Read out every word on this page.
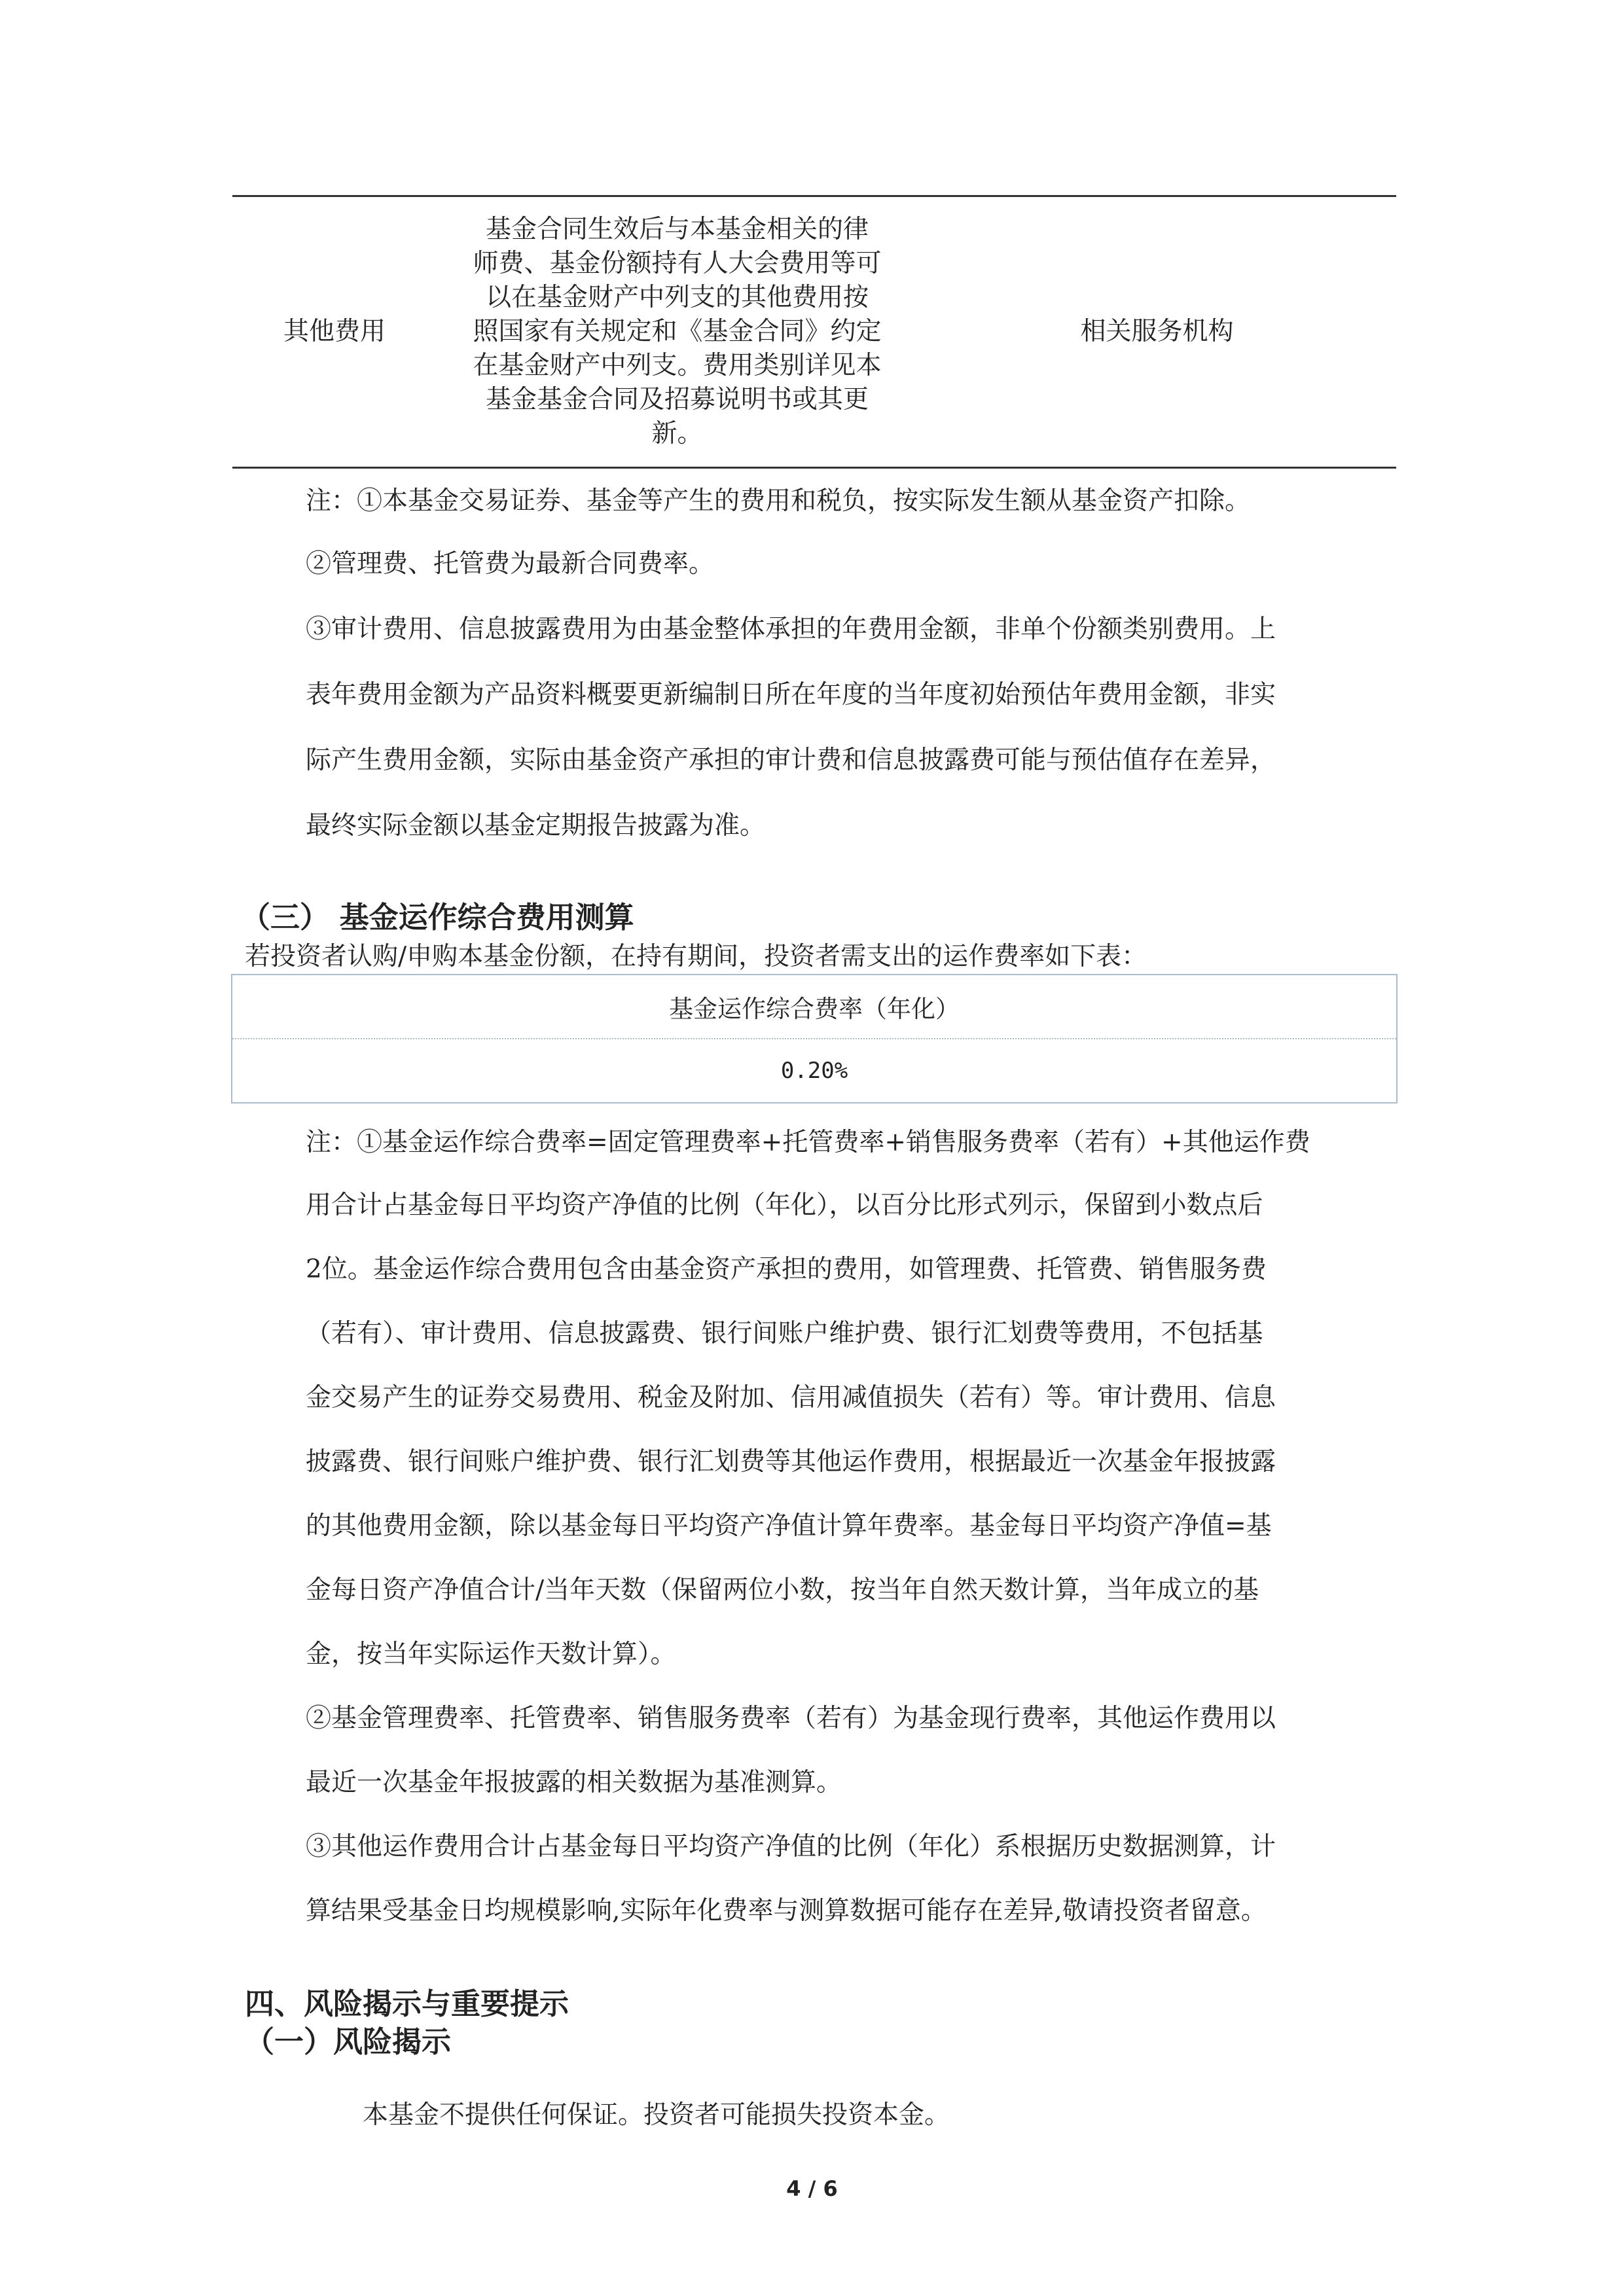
其他费用
基金合同生效后与本基金相关的律
师费、基金份额持有人大会费用等可
以在基金财产中列支的其他费用按
照国家有关规定和《基金合同》约定
在基金财产中列支。费用类别详见本
基金基金合同及招募说明书或其更
新。
相关服务机构
注：①本基金交易证券、基金等产生的费用和税负，按实际发生额从基金资产扣除。
②管理费、托管费为最新合同费率。
③审计费用、信息披露费用为由基金整体承担的年费用金额，非单个份额类别费用。上
表年费用金额为产品资料概要更新编制日所在年度的当年度初始预估年费用金额，非实
际产生费用金额，实际由基金资产承担的审计费和信息披露费可能与预估值存在差异，
最终实际金额以基金定期报告披露为准。
（三） 基金运作综合费用测算
若投资者认购/申购本基金份额，在持有期间，投资者需支出的运作费率如下表：
基金运作综合费率（年化）
0.20%
注：①基金运作综合费率=固定管理费率+托管费率+销售服务费率（若有）+其他运作费
用合计占基金每日平均资产净值的比例（年化），以百分比形式列示，保留到小数点后
2位。基金运作综合费用包含由基金资产承担的费用，如管理费、托管费、销售服务费
（若有）、审计费用、信息披露费、银行间账户维护费、银行汇划费等费用，不包括基
金交易产生的证券交易费用、税金及附加、信用减值损失（若有）等。审计费用、信息
披露费、银行间账户维护费、银行汇划费等其他运作费用，根据最近一次基金年报披露
的其他费用金额，除以基金每日平均资产净值计算年费率。基金每日平均资产净值=基
金每日资产净值合计/当年天数（保留两位小数，按当年自然天数计算，当年成立的基
金，按当年实际运作天数计算）。
②基金管理费率、托管费率、销售服务费率（若有）为基金现行费率，其他运作费用以
最近一次基金年报披露的相关数据为基准测算。
③其他运作费用合计占基金每日平均资产净值的比例（年化）系根据历史数据测算，计
算结果受基金日均规模影响,实际年化费率与测算数据可能存在差异,敬请投资者留意。
四、风险揭示与重要提示
（一）风险揭示
本基金不提供任何保证。投资者可能损失投资本金。
4 / 6
